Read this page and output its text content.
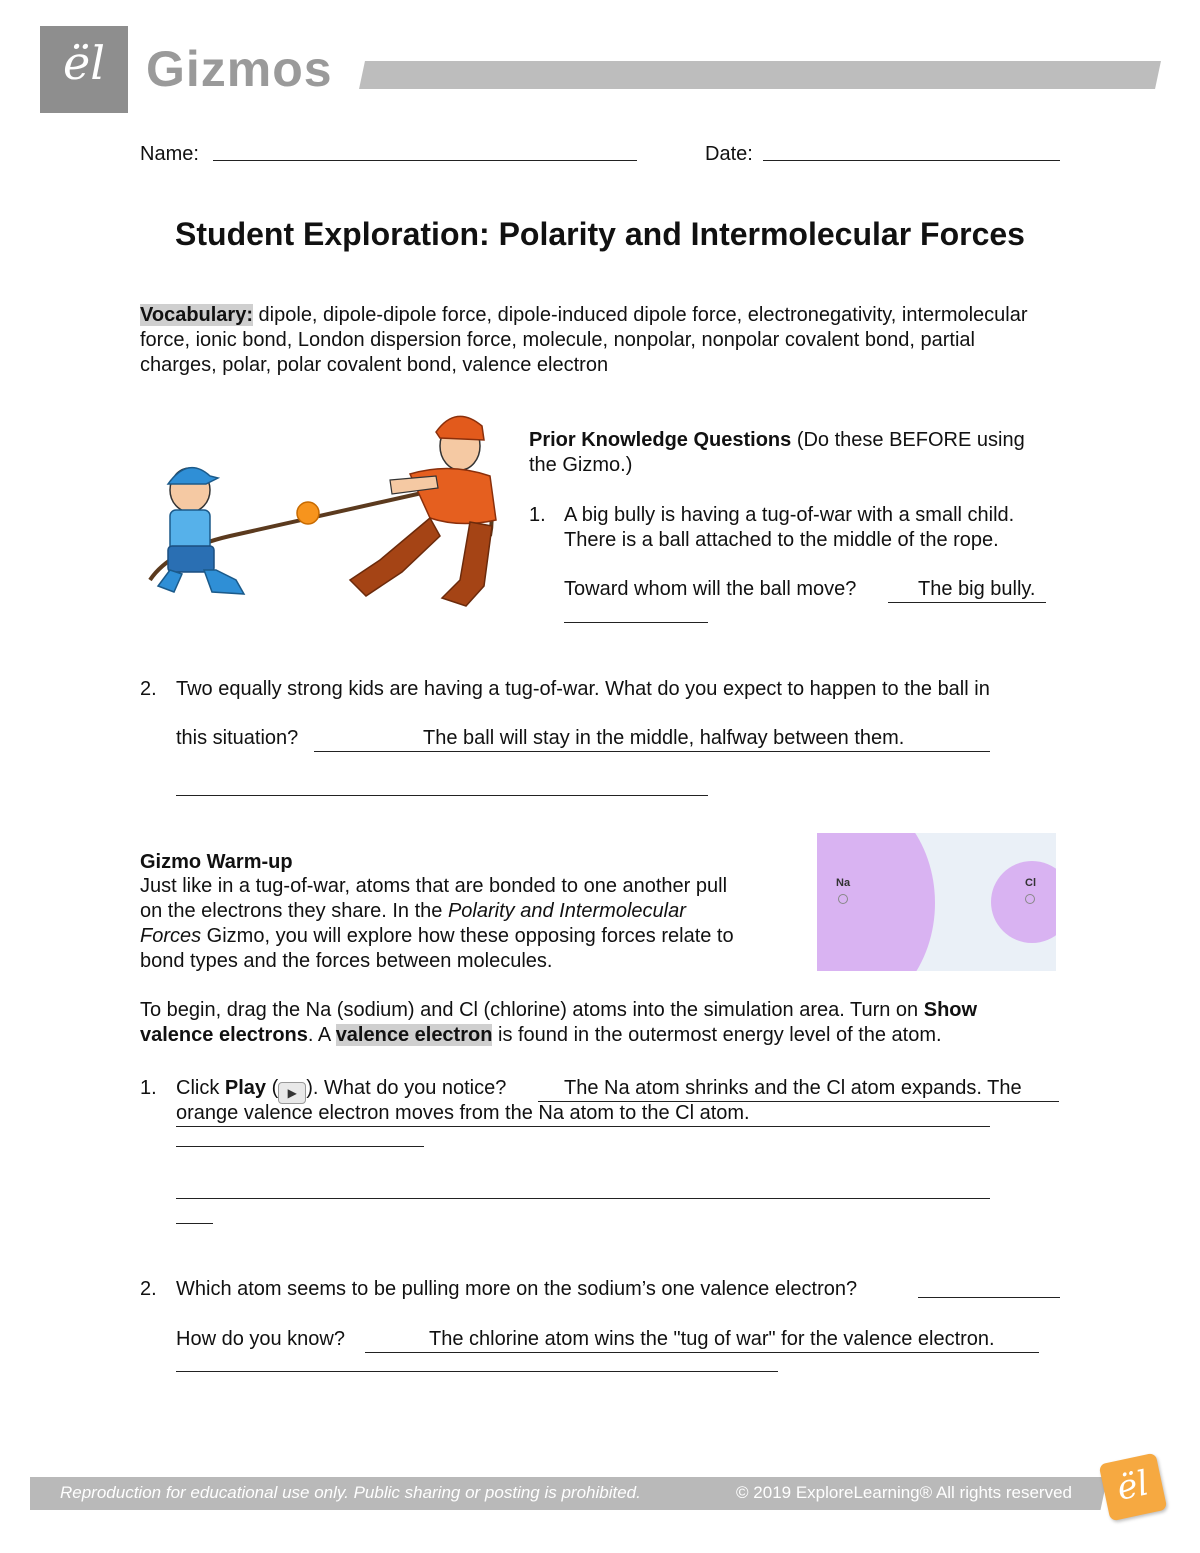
ël Gizmos
Name:	Date:
Student Exploration: Polarity and Intermolecular Forces
Vocabulary: dipole, dipole-dipole force, dipole-induced dipole force, electronegativity, intermolecular force, ionic bond, London dispersion force, molecule, nonpolar, nonpolar covalent bond, partial charges, polar, polar covalent bond, valence electron
Prior Knowledge Questions (Do these BEFORE using the Gizmo.)
1. A big bully is having a tug-of-war with a small child.
There is a ball attached to the middle of the rope.
Toward whom will the ball move?	The big bully.
2. Two equally strong kids are having a tug-of-war. What do you expect to happen to the ball in
this situation?	The ball will stay in the middle, halfway between them.
Gizmo Warm-up
Just like in a tug-of-war, atoms that are bonded to one another pull
on the electrons they share. In the Polarity and Intermolecular
Forces Gizmo, you will explore how these opposing forces relate to
bond types and the forces between molecules.
Na	Cl
To begin, drag the Na (sodium) and Cl (chlorine) atoms into the simulation area. Turn on Show
valence electrons. A valence electron is found in the outermost energy level of the atom.
1. Click Play ( ▶ ). What do you notice?	The Na atom shrinks and the Cl atom expands. The
orange valence electron moves from the Na atom to the Cl atom.
2. Which atom seems to be pulling more on the sodium’s one valence electron?
How do you know?	The chlorine atom wins the "tug of war" for the valence electron.
Reproduction for educational use only. Public sharing or posting is prohibited.	© 2019 ExploreLearning® All rights reserved	ël
